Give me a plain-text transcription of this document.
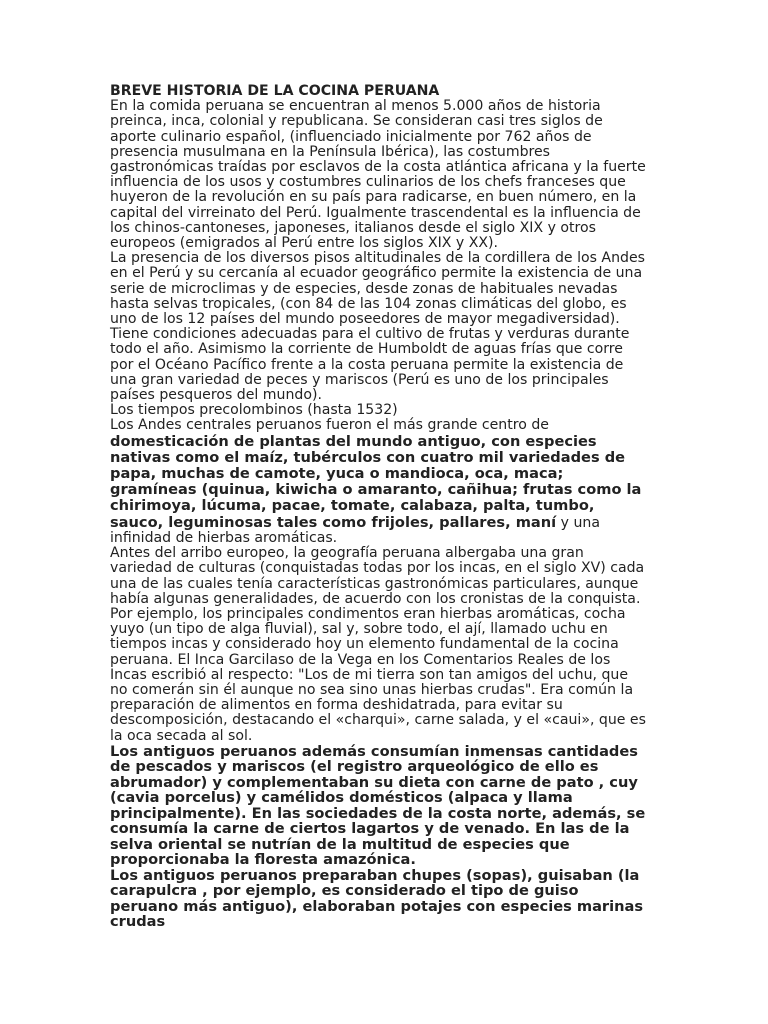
BREVE HISTORIA DE LA COCINA PERUANA

En la comida peruana se encuentran al menos 5.000 años de historia preinca, inca, colonial y republicana. Se consideran casi tres siglos de aporte culinario español, (influenciado inicialmente por 762 años de presencia musulmana en la Península Ibérica), las costumbres gastronómicas traídas por esclavos de la costa atlántica africana y la fuerte influencia de los usos y costumbres culinarios de los chefs franceses que huyeron de la revolución en su país para radicarse, en buen número, en la capital del virreinato del Perú. Igualmente trascendental es la influencia de los chinos-cantoneses, japoneses, italianos desde el siglo XIX y otros europeos (emigrados al Perú entre los siglos XIX y XX).

La presencia de los diversos pisos altitudinales de la cordillera de los Andes en el Perú y su cercanía al ecuador geográfico permite la existencia de una serie de microclimas y de especies, desde zonas de habituales nevadas hasta selvas tropicales, (con 84 de las 104 zonas climáticas del globo, es uno de los 12 países del mundo poseedores de mayor megadiversidad). Tiene condiciones adecuadas para el cultivo de frutas y verduras durante todo el año. Asimismo la corriente de Humboldt de aguas frías que corre por el Océano Pacífico frente a la costa peruana permite la existencia de una gran variedad de peces y mariscos (Perú es uno de los principales países pesqueros del mundo).

Los tiempos precolombinos (hasta 1532)

Los Andes centrales peruanos fueron el más grande centro de domesticación de plantas del mundo antiguo, con especies nativas como el maíz, tubérculos con cuatro mil variedades de papa, muchas de camote, yuca o mandioca, oca, maca; gramíneas (quinua, kiwicha o amaranto, cañihua; frutas como la chirimoya, lúcuma, pacae, tomate, calabaza, palta, tumbo, sauco, leguminosas tales como frijoles, pallares, maní y una infinidad de hierbas aromáticas.

Antes del arribo europeo, la geografía peruana albergaba una gran variedad de culturas (conquistadas todas por los incas, en el siglo XV) cada una de las cuales tenía características gastronómicas particulares, aunque había algunas generalidades, de acuerdo con los cronistas de la conquista.

Por ejemplo, los principales condimentos eran hierbas aromáticas, cocha yuyo (un tipo de alga fluvial), sal y, sobre todo, el ají, llamado uchu en tiempos incas y considerado hoy un elemento fundamental de la cocina peruana. El Inca Garcilaso de la Vega en los Comentarios Reales de los Incas escribió al respecto: "Los de mi tierra son tan amigos del uchu, que no comerán sin él aunque no sea sino unas hierbas crudas". Era común la preparación de alimentos en forma deshidatrada, para evitar su descomposición, destacando el «charqui», carne salada, y el «caui», que es la oca secada al sol.

Los antiguos peruanos además consumían inmensas cantidades de pescados y mariscos (el registro arqueológico de ello es abrumador) y complementaban su dieta con carne de pato , cuy (cavia porcelus) y camélidos domésticos (alpaca y llama principalmente). En las sociedades de la costa norte, además, se consumía la carne de ciertos lagartos y de venado. En las de la selva oriental se nutrían de la multitud de especies que proporcionaba la floresta amazónica.

Los antiguos peruanos preparaban chupes (sopas), guisaban (la carapulcra , por ejemplo, es considerado el tipo de guiso peruano más antiguo), elaboraban potajes con especies marinas crudas
